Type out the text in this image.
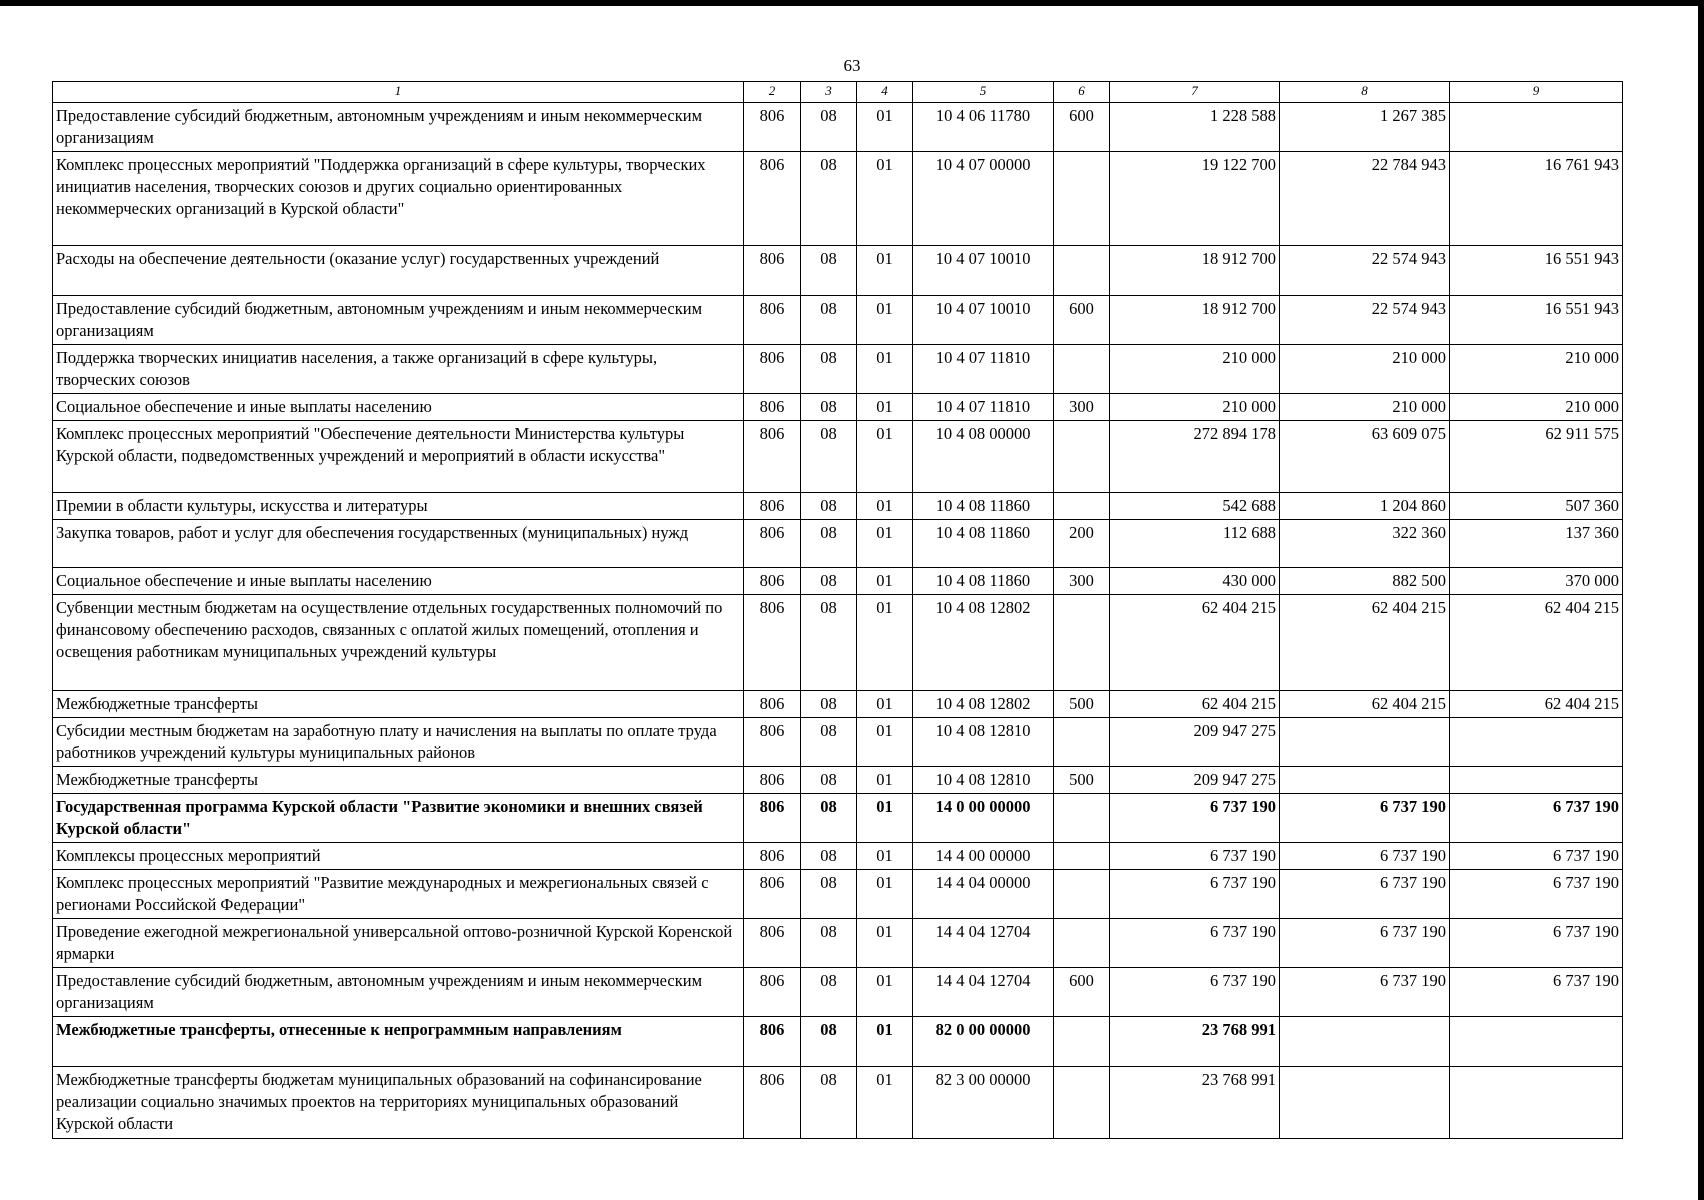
63
1	2	3	4	5	6	7	8	9
Предоставление субсидий бюджетным, автономным учреждениям и иным некоммерческим организациям	806	08	01	10 4 06 11780	600	1 228 588	1 267 385	
Комплекс процессных мероприятий "Поддержка организаций в сфере культуры, творческих инициатив населения, творческих союзов и других социально ориентированных некоммерческих организаций в Курской области"	806	08	01	10 4 07 00000		19 122 700	22 784 943	16 761 943
Расходы на обеспечение деятельности (оказание услуг) государственных учреждений	806	08	01	10 4 07 10010		18 912 700	22 574 943	16 551 943
Предоставление субсидий бюджетным, автономным учреждениям и иным некоммерческим организациям	806	08	01	10 4 07 10010	600	18 912 700	22 574 943	16 551 943
Поддержка творческих инициатив населения, а также организаций в сфере культуры, творческих союзов	806	08	01	10 4 07 11810		210 000	210 000	210 000
Социальное обеспечение и иные выплаты населению	806	08	01	10 4 07 11810	300	210 000	210 000	210 000
Комплекс процессных мероприятий "Обеспечение деятельности Министерства культуры Курской области, подведомственных учреждений и мероприятий в области искусства"	806	08	01	10 4 08 00000		272 894 178	63 609 075	62 911 575
Премии в области культуры, искусства и литературы	806	08	01	10 4 08 11860		542 688	1 204 860	507 360
Закупка товаров, работ и услуг для обеспечения государственных (муниципальных) нужд	806	08	01	10 4 08 11860	200	112 688	322 360	137 360
Социальное обеспечение и иные выплаты населению	806	08	01	10 4 08 11860	300	430 000	882 500	370 000
Субвенции местным бюджетам на осуществление отдельных государственных полномочий по финансовому обеспечению расходов, связанных с оплатой жилых помещений, отопления и освещения работникам муниципальных учреждений культуры	806	08	01	10 4 08 12802		62 404 215	62 404 215	62 404 215
Межбюджетные трансферты	806	08	01	10 4 08 12802	500	62 404 215	62 404 215	62 404 215
Субсидии местным бюджетам на заработную плату и начисления на выплаты по оплате труда работников учреждений культуры муниципальных районов	806	08	01	10 4 08 12810		209 947 275		
Межбюджетные трансферты	806	08	01	10 4 08 12810	500	209 947 275		
Государственная программа Курской области "Развитие экономики и внешних связей Курской области"	806	08	01	14 0 00 00000		6 737 190	6 737 190	6 737 190
Комплексы процессных мероприятий	806	08	01	14 4 00 00000		6 737 190	6 737 190	6 737 190
Комплекс процессных мероприятий "Развитие международных и межрегиональных связей с регионами Российской Федерации"	806	08	01	14 4 04 00000		6 737 190	6 737 190	6 737 190
Проведение ежегодной межрегиональной универсальной оптово-розничной Курской Коренской ярмарки	806	08	01	14 4 04 12704		6 737 190	6 737 190	6 737 190
Предоставление субсидий бюджетным, автономным учреждениям и иным некоммерческим организациям	806	08	01	14 4 04 12704	600	6 737 190	6 737 190	6 737 190
Межбюджетные трансферты, отнесенные к непрограммным направлениям	806	08	01	82 0 00 00000		23 768 991		
Межбюджетные трансферты бюджетам муниципальных образований на софинансирование реализации социально значимых проектов на территориях муниципальных образований Курской области	806	08	01	82 3 00 00000		23 768 991		
